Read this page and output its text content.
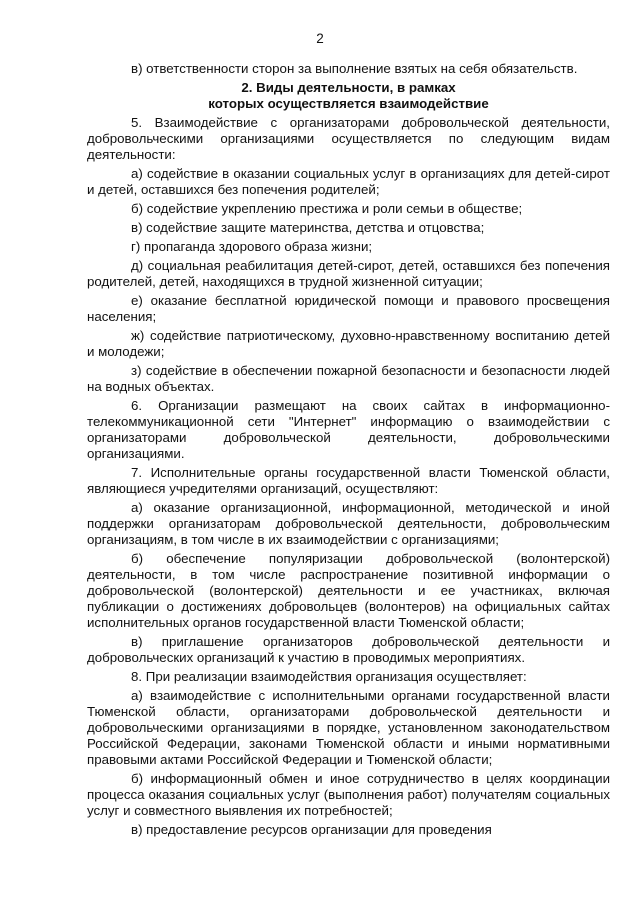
2

в) ответственности сторон за выполнение взятых на себя обязательств.

2. Виды деятельности, в рамках
которых осуществляется взаимодействие

5. Взаимодействие с организаторами добровольческой деятельности, добровольческими организациями осуществляется по следующим видам деятельности:

а) содействие в оказании социальных услуг в организациях для детей-сирот и детей, оставшихся без попечения родителей;

б) содействие укреплению престижа и роли семьи в обществе;

в) содействие защите материнства, детства и отцовства;

г) пропаганда здорового образа жизни;

д) социальная реабилитация детей-сирот, детей, оставшихся без попечения родителей, детей, находящихся в трудной жизненной ситуации;

е) оказание бесплатной юридической помощи и правового просвещения населения;

ж) содействие патриотическому, духовно-нравственному воспитанию детей и молодежи;

з) содействие в обеспечении пожарной безопасности и безопасности людей на водных объектах.

6. Организации размещают на своих сайтах в информационно-телекоммуникационной сети "Интернет" информацию о взаимодействии с организаторами добровольческой деятельности, добровольческими организациями.

7. Исполнительные органы государственной власти Тюменской области, являющиеся учредителями организаций, осуществляют:

а) оказание организационной, информационной, методической и иной поддержки организаторам добровольческой деятельности, добровольческим организациям, в том числе в их взаимодействии с организациями;

б) обеспечение популяризации добровольческой (волонтерской) деятельности, в том числе распространение позитивной информации о добровольческой (волонтерской) деятельности и ее участниках, включая публикации о достижениях добровольцев (волонтеров) на официальных сайтах исполнительных органов государственной власти Тюменской области;

в) приглашение организаторов добровольческой деятельности и добровольческих организаций к участию в проводимых мероприятиях.

8. При реализации взаимодействия организация осуществляет:

а) взаимодействие с исполнительными органами государственной власти Тюменской области, организаторами добровольческой деятельности и добровольческими организациями в порядке, установленном законодательством Российской Федерации, законами Тюменской области и иными нормативными правовыми актами Российской Федерации и Тюменской области;

б) информационный обмен и иное сотрудничество в целях координации процесса оказания социальных услуг (выполнения работ) получателям социальных услуг и совместного выявления их потребностей;

в) предоставление ресурсов организации для проведения
